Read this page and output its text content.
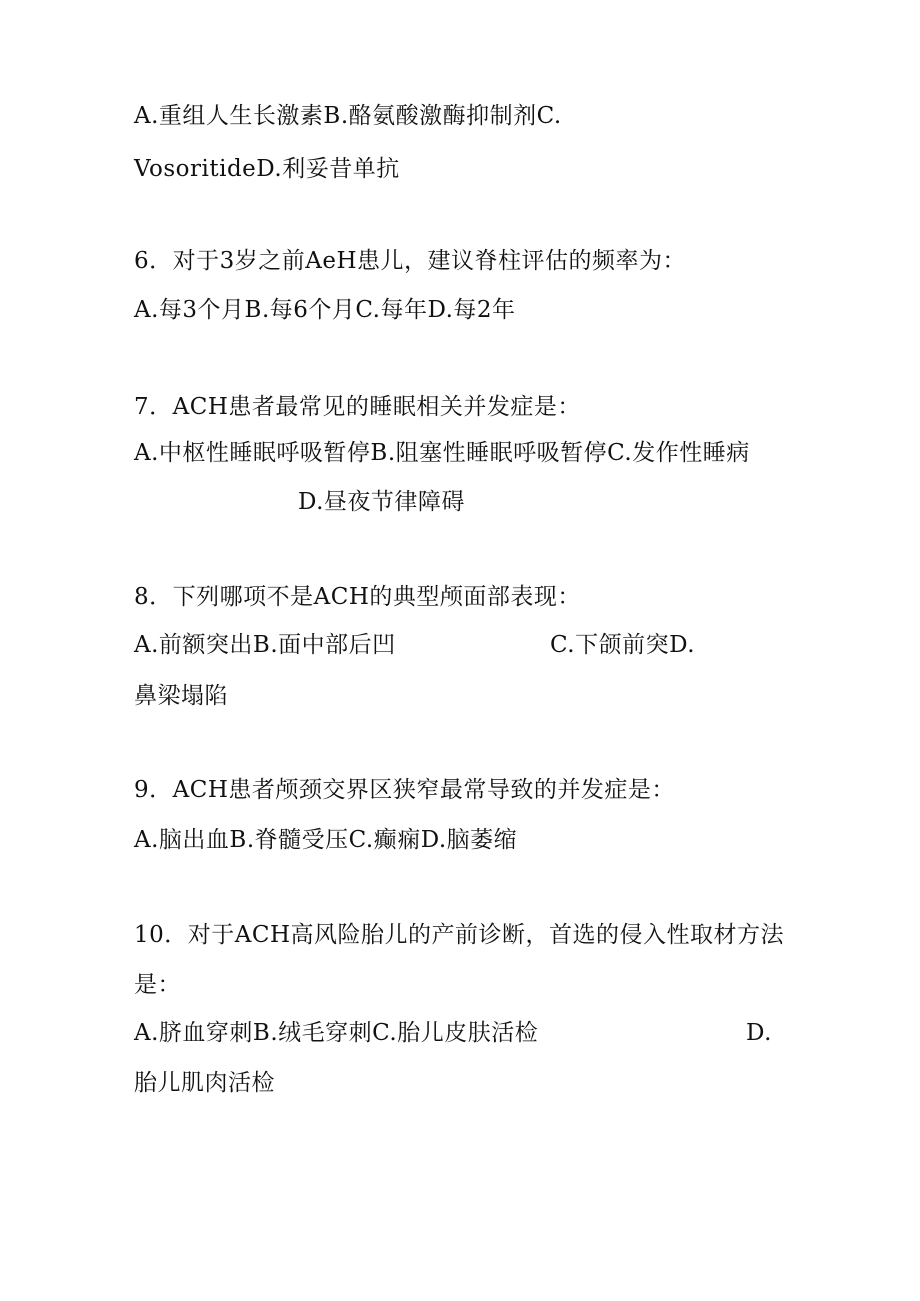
A.重组人生长激素B.酪氨酸激酶抑制剂C.
VosoritideD.利妥昔单抗
6．对于3岁之前AeH患儿，建议脊柱评估的频率为：
A.每3个月B.每6个月C.每年D.每2年
7．ACH患者最常见的睡眠相关并发症是：
A.中枢性睡眠呼吸暂停B.阻塞性睡眠呼吸暂停C.发作性睡病
D.昼夜节律障碍
8．下列哪项不是ACH的典型颅面部表现：
A.前额突出B.面中部后凹	C.下颌前突D.
鼻梁塌陷
9．ACH患者颅颈交界区狭窄最常导致的并发症是：
A.脑出血B.脊髓受压C.癫痫D.脑萎缩
10．对于ACH高风险胎儿的产前诊断，首选的侵入性取材方法
是：
A.脐血穿刺B.绒毛穿刺C.胎儿皮肤活检	D.
胎儿肌肉活检
